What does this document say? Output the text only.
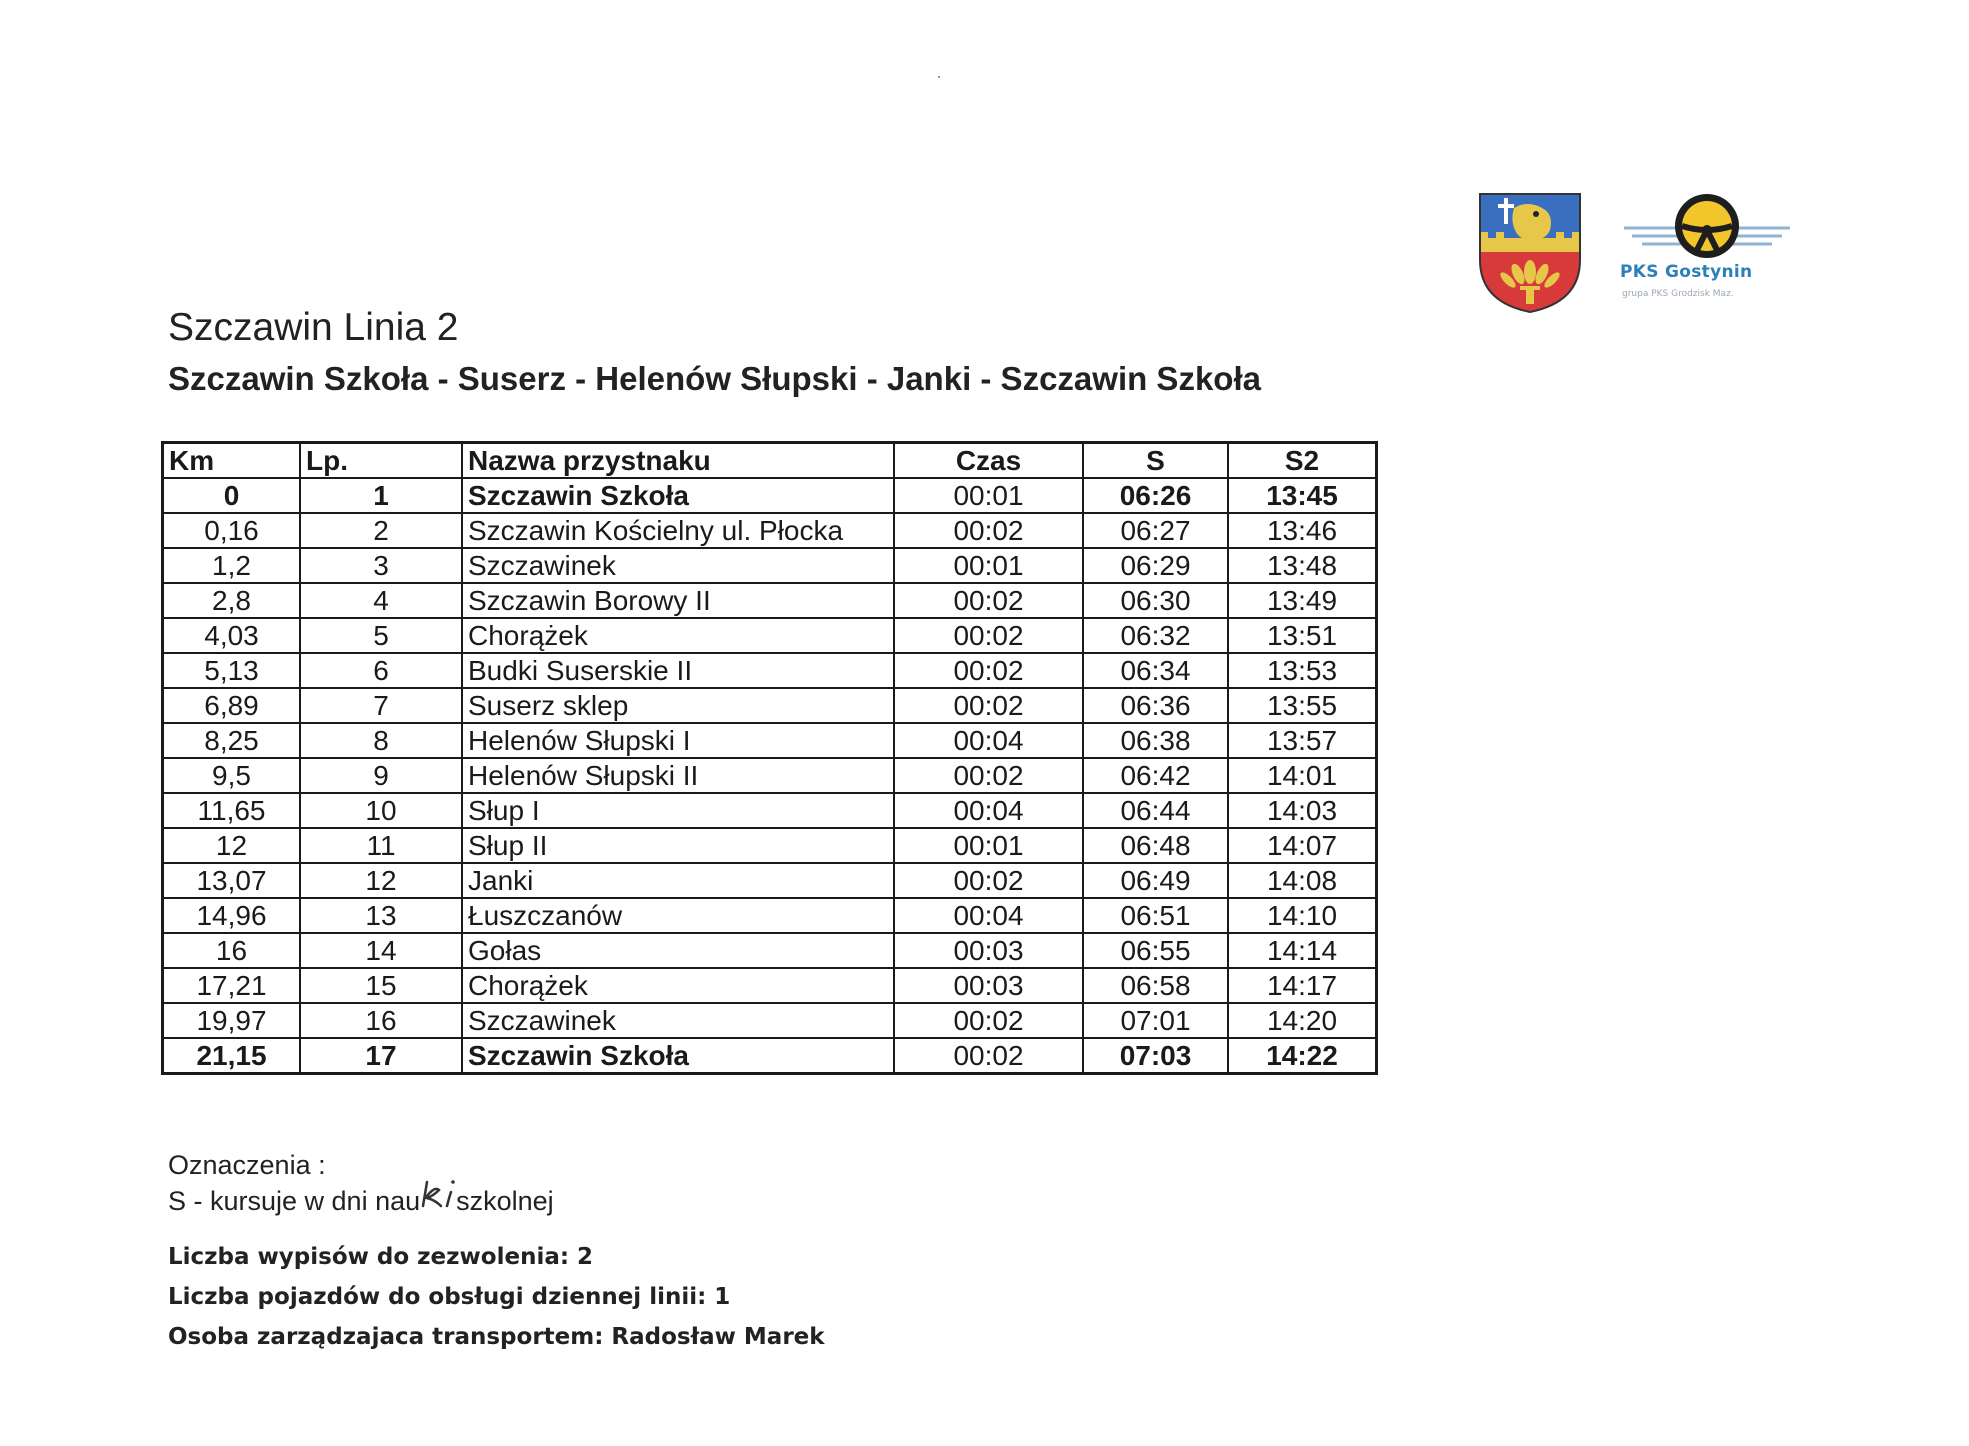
PKS Gostynin
grupa PKS Grodzisk Maz.
Szczawin Linia 2
Szczawin Szkoła - Suserz - Helenów Słupski - Janki - Szczawin Szkoła
Km	Lp.	Nazwa przystnaku	Czas	S	S2
0	1	Szczawin Szkoła	00:01	06:26	13:45
0,16	2	Szczawin Kościelny ul. Płocka	00:02	06:27	13:46
1,2	3	Szczawinek	00:01	06:29	13:48
2,8	4	Szczawin Borowy II	00:02	06:30	13:49
4,03	5	Chorążek	00:02	06:32	13:51
5,13	6	Budki Suserskie II	00:02	06:34	13:53
6,89	7	Suserz sklep	00:02	06:36	13:55
8,25	8	Helenów Słupski I	00:04	06:38	13:57
9,5	9	Helenów Słupski II	00:02	06:42	14:01
11,65	10	Słup I	00:04	06:44	14:03
12	11	Słup II	00:01	06:48	14:07
13,07	12	Janki	00:02	06:49	14:08
14,96	13	Łuszczanów	00:04	06:51	14:10
16	14	Gołas	00:03	06:55	14:14
17,21	15	Chorążek	00:03	06:58	14:17
19,97	16	Szczawinek	00:02	07:01	14:20
21,15	17	Szczawin Szkoła	00:02	07:03	14:22
Oznaczenia :
S - kursuje w dni nau szkolnej
Liczba wypisów do zezwolenia: 2
Liczba pojazdów do obsługi dziennej linii: 1
Osoba zarządzajaca transportem: Radosław Marek
